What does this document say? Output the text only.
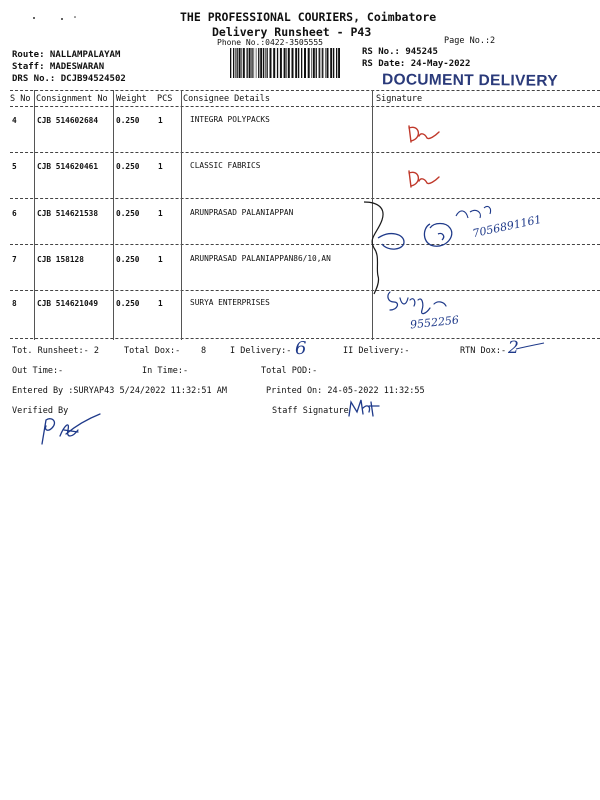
THE PROFESSIONAL COURIERS, Coimbatore
Delivery Runsheet - P43
Phone No.:0422-3505555	Page No.:2
Route: NALLAMPALAYAM
Staff: MADESWARAN
DRS No.: DCJB94524502
RS No.: 945245
RS Date: 24-May-2022
DOCUMENT DELIVERY
S No Consignment No Weight PCS Consignee Details	Signature
4	CJB 514602684 0.250 1	INTEGRA POLYPACKS
5	CJB 514620461 0.250 1	CLASSIC FABRICS
6	CJB 514621538 0.250 1	ARUNPRASAD PALANIAPPAN
7	CJB 158128	0.250 1	ARUNPRASAD PALANIAPPAN86/10,AN
8	CJB 514621049 0.250 1	SURYA ENTERPRISES
7056891161
9552256
Tot. Runsheet:- 2	Total Dox:- 8	I Delivery:- 6	II Delivery:-	RTN Dox:- 2
Out Time:-	In Time:-	Total POD:-
Entered By :SURYAP43 5/24/2022 11:32:51 AM	Printed On: 24-05-2022 11:32:55
Verified By	Staff Signature
